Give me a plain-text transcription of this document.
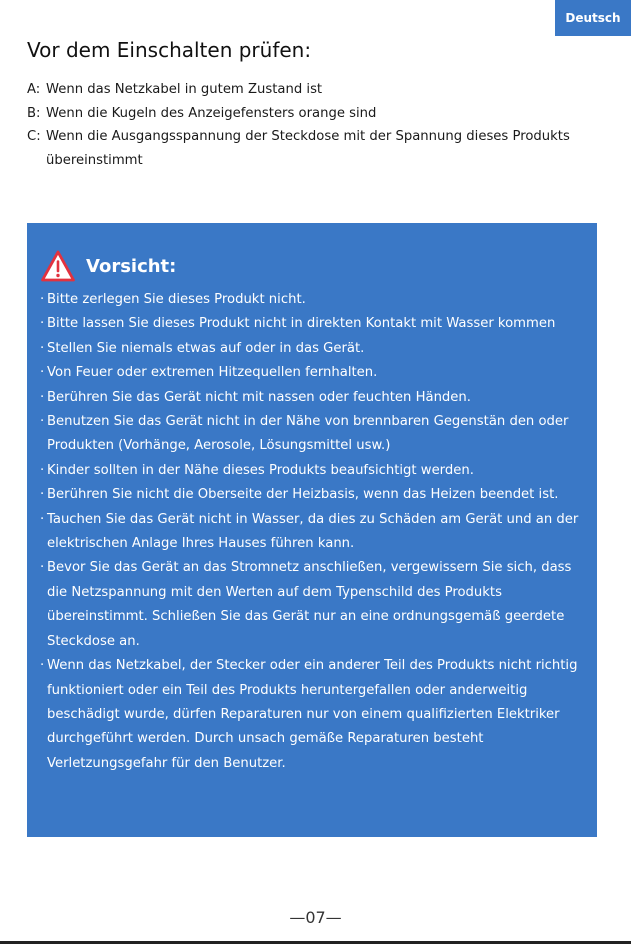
Deutsch
Vor dem Einschalten prüfen:
A: Wenn das Netzkabel in gutem Zustand ist
B: Wenn die Kugeln des Anzeigefensters orange sind
C: Wenn die Ausgangsspannung der Steckdose mit der Spannung dieses Produkts übereinstimmt
Vorsicht:
· Bitte zerlegen Sie dieses Produkt nicht.
· Bitte lassen Sie dieses Produkt nicht in direkten Kontakt mit Wasser kommen
· Stellen Sie niemals etwas auf oder in das Gerät.
· Von Feuer oder extremen Hitzequellen fernhalten.
· Berühren Sie das Gerät nicht mit nassen oder feuchten Händen.
· Benutzen Sie das Gerät nicht in der Nähe von brennbaren Gegenstän den oder Produkten (Vorhänge, Aerosole, Lösungsmittel usw.)
· Kinder sollten in der Nähe dieses Produkts beaufsichtigt werden.
· Berühren Sie nicht die Oberseite der Heizbasis, wenn das Heizen beendet ist.
· Tauchen Sie das Gerät nicht in Wasser, da dies zu Schäden am Gerät und an der elektrischen Anlage Ihres Hauses führen kann.
· Bevor Sie das Gerät an das Stromnetz anschließen, vergewissern Sie sich, dass die Netzspannung mit den Werten auf dem Typenschild des Produkts übereinstimmt. Schließen Sie das Gerät nur an eine ordnungsgemäß geerdete Steckdose an.
· Wenn das Netzkabel, der Stecker oder ein anderer Teil des Produkts nicht richtig funktioniert oder ein Teil des Produkts heruntergefallen oder anderweitig beschädigt wurde, dürfen Reparaturen nur von einem qualifizierten Elektriker durchgeführt werden. Durch unsach gemäße Reparaturen besteht Verletzungsgefahr für den Benutzer.
—07—
